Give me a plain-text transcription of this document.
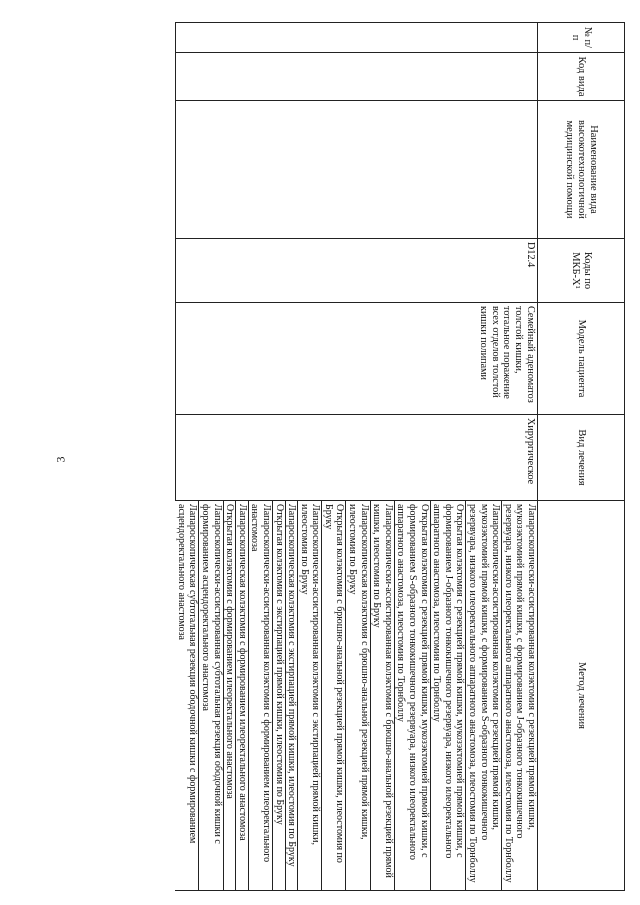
3
№ п/п	Код вида	Наименование вида высокотехнологичной медицинской помощи	Коды по МКБ-X¹	Модель пациента	Вид лечения	Метод лечения
			D12.4	Семейный аденоматоз толстой кишки, тотальное поражение всех отделов толстой кишки полипами	Хирургическое	Лапароскопически-ассистированная колэктомия с резекцией прямой кишки, мукозэктомией прямой кишки, с формированием J-образного тонкокишечного резервуара, низкого илеоректального аппаратного анастомоза, илеостомия по Торнболлу
						Лапароскопически-ассистированная колэктомия с резекцией прямой кишки, мукозэктомией прямой кишки, с формированием S-образного тонкокишечного резервуара, низкого илеоректального аппаратного анастомоза, илеостомия по Торнболлу
						Открытая колэктомия с резекцией прямой кишки, мукозэктомией прямой кишки, с формированием J-образного тонкокишечного резервуара, низкого илеоректального аппаратного анастомоза, илеостомия по Торнболлу
						Открытая колэктомия с резекцией прямой кишки, мукозэктомией прямой кишки, с формированием S-образного тонкокишечного резервуара, низкого илеоректального аппаратного анастомоза, илеостомия по Торнболлу
						Лапароскопически-ассистированная колэктомия с брюшно-анальной резекцией прямой кишки, илеостомия по Бруку
						Лапароскопическая колэктомия с брюшно-анальной резекцией прямой кишки, илеостомия по Бруку
						Открытая колэктомия с брюшно-анальной резекцией прямой кишки, илеостомия по Бруку
						Лапароскопически-ассистированная колэктомия с экстирпацией прямой кишки, илеостомия по Бруку
						Лапароскопическая колэктомия с экстирпацией прямой кишки, илеостомия по Бруку
						Открытая колэктомия с экстирпацией прямой кишки, илеостомия по Бруку
						Лапароскопически-ассистированная колэктомия с формированием илеоректального анастомоза
						Лапароскопическая колэктомия с формированием илеоректального анастомоза
						Открытая колэктомия с формированием илеоректального анастомоза
						Лапароскопически-ассистированная субтотальная резекция ободочной кишки с формированием асцендоректального анастомоза
						Лапароскопическая субтотальная резекция ободочной кишки с формированием асцендоректального анастомоза
